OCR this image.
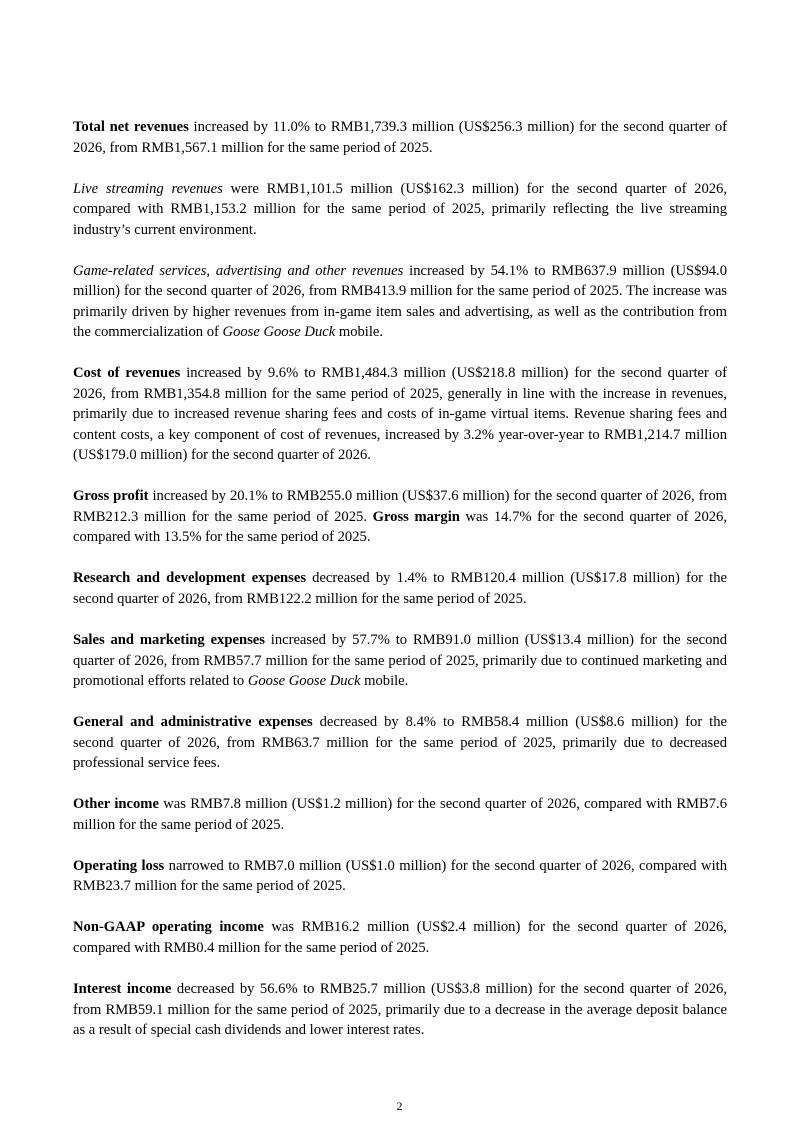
Total net revenues increased by 11.0% to RMB1,739.3 million (US$256.3 million) for the second quarter of 2026, from RMB1,567.1 million for the same period of 2025.

Live streaming revenues were RMB1,101.5 million (US$162.3 million) for the second quarter of 2026, compared with RMB1,153.2 million for the same period of 2025, primarily reflecting the live streaming industry’s current environment.

Game-related services, advertising and other revenues increased by 54.1% to RMB637.9 million (US$94.0 million) for the second quarter of 2026, from RMB413.9 million for the same period of 2025. The increase was primarily driven by higher revenues from in-game item sales and advertising, as well as the contribution from the commercialization of Goose Goose Duck mobile.

Cost of revenues increased by 9.6% to RMB1,484.3 million (US$218.8 million) for the second quarter of 2026, from RMB1,354.8 million for the same period of 2025, generally in line with the increase in revenues, primarily due to increased revenue sharing fees and costs of in-game virtual items. Revenue sharing fees and content costs, a key component of cost of revenues, increased by 3.2% year-over-year to RMB1,214.7 million (US$179.0 million) for the second quarter of 2026.

Gross profit increased by 20.1% to RMB255.0 million (US$37.6 million) for the second quarter of 2026, from RMB212.3 million for the same period of 2025. Gross margin was 14.7% for the second quarter of 2026, compared with 13.5% for the same period of 2025.

Research and development expenses decreased by 1.4% to RMB120.4 million (US$17.8 million) for the second quarter of 2026, from RMB122.2 million for the same period of 2025.

Sales and marketing expenses increased by 57.7% to RMB91.0 million (US$13.4 million) for the second quarter of 2026, from RMB57.7 million for the same period of 2025, primarily due to continued marketing and promotional efforts related to Goose Goose Duck mobile.

General and administrative expenses decreased by 8.4% to RMB58.4 million (US$8.6 million) for the second quarter of 2026, from RMB63.7 million for the same period of 2025, primarily due to decreased professional service fees.

Other income was RMB7.8 million (US$1.2 million) for the second quarter of 2026, compared with RMB7.6 million for the same period of 2025.

Operating loss narrowed to RMB7.0 million (US$1.0 million) for the second quarter of 2026, compared with RMB23.7 million for the same period of 2025.

Non-GAAP operating income was RMB16.2 million (US$2.4 million) for the second quarter of 2026, compared with RMB0.4 million for the same period of 2025.

Interest income decreased by 56.6% to RMB25.7 million (US$3.8 million) for the second quarter of 2026, from RMB59.1 million for the same period of 2025, primarily due to a decrease in the average deposit balance as a result of special cash dividends and lower interest rates.

2
